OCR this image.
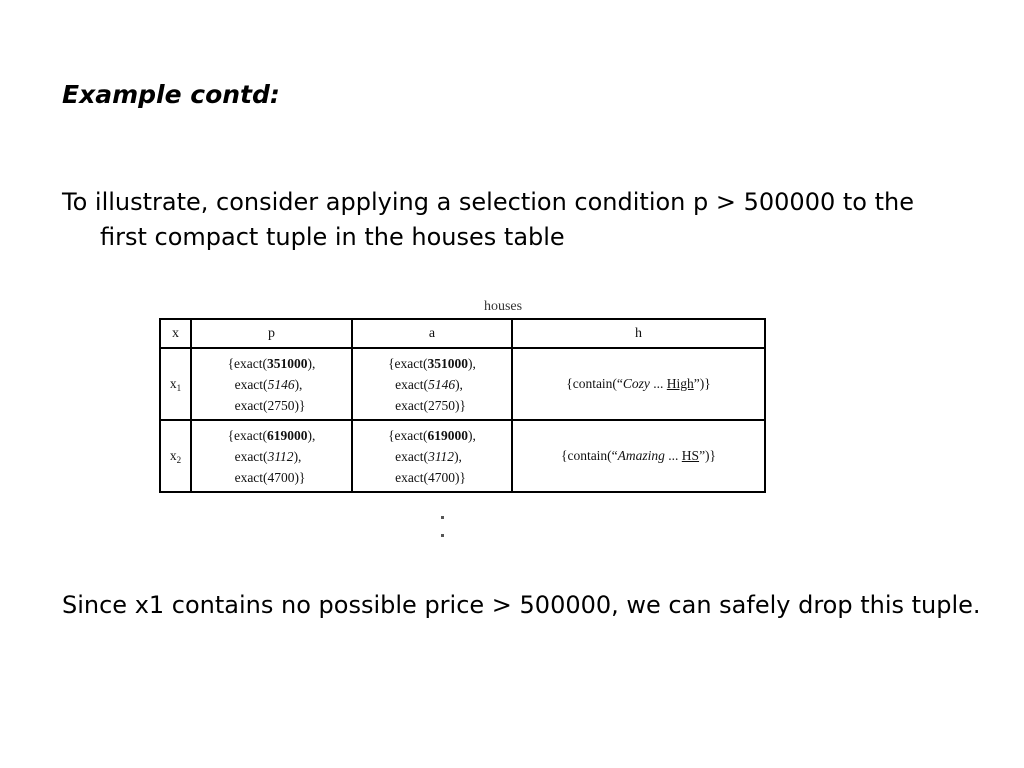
Example contd:

To illustrate, consider applying a selection condition p > 500000 to the first compact tuple in the houses table

houses
x	p	a	h
$x_1$	{exact(351000),
exact(5146),
exact(2750)}	{exact(351000),
exact(5146),
exact(2750)}	{contain(“Cozy ... High”)}
$x_2$	{exact(619000),
exact(3112),
exact(4700)}	{exact(619000),
exact(3112),
exact(4700)}	{contain(“Amazing ... HS”)}

Since x1 contains no possible price > 500000, we can safely drop this tuple.
